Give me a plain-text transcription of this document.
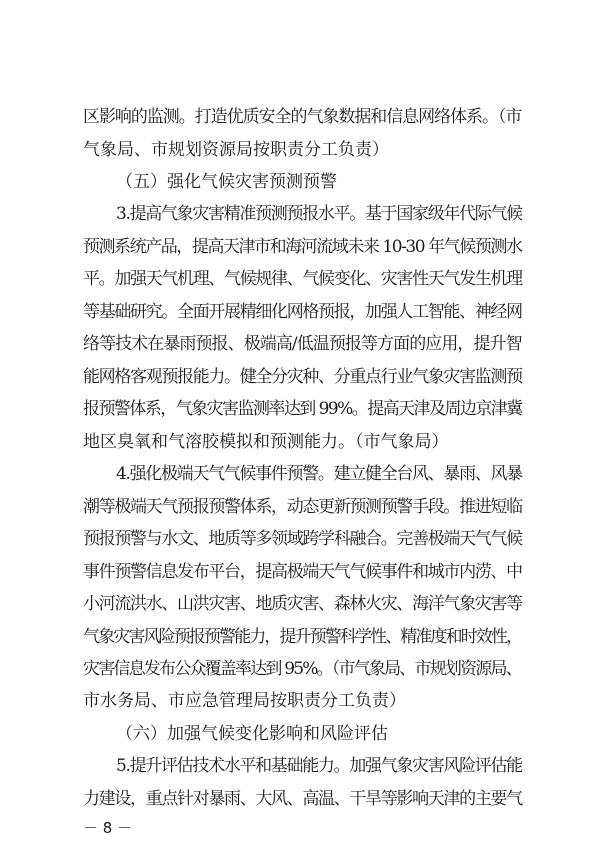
区影响的监测。打造优质安全的气象数据和信息网络体系。（市
气象局、市规划资源局按职责分工负责）
（五）强化气候灾害预测预警
3.提高气象灾害精准预测预报水平。基于国家级年代际气候
预测系统产品，提高天津市和海河流域未来 10-30 年气候预测水
平。加强天气机理、气候规律、气候变化、灾害性天气发生机理
等基础研究。全面开展精细化网格预报，加强人工智能、神经网
络等技术在暴雨预报、极端高/低温预报等方面的应用，提升智
能网格客观预报能力。健全分灾种、分重点行业气象灾害监测预
报预警体系，气象灾害监测率达到 99%。提高天津及周边京津冀
地区臭氧和气溶胶模拟和预测能力。（市气象局）
4.强化极端天气气候事件预警。建立健全台风、暴雨、风暴
潮等极端天气预报预警体系，动态更新预测预警手段。推进短临
预报预警与水文、地质等多领域跨学科融合。完善极端天气气候
事件预警信息发布平台，提高极端天气气候事件和城市内涝、中
小河流洪水、山洪灾害、地质灾害、森林火灾、海洋气象灾害等
气象灾害风险预报预警能力，提升预警科学性、精准度和时效性，
灾害信息发布公众覆盖率达到 95%。（市气象局、市规划资源局、
市水务局、市应急管理局按职责分工负责）
（六）加强气候变化影响和风险评估
5.提升评估技术水平和基础能力。加强气象灾害风险评估能
力建设，重点针对暴雨、大风、高温、干旱等影响天津的主要气
－ 8 －
